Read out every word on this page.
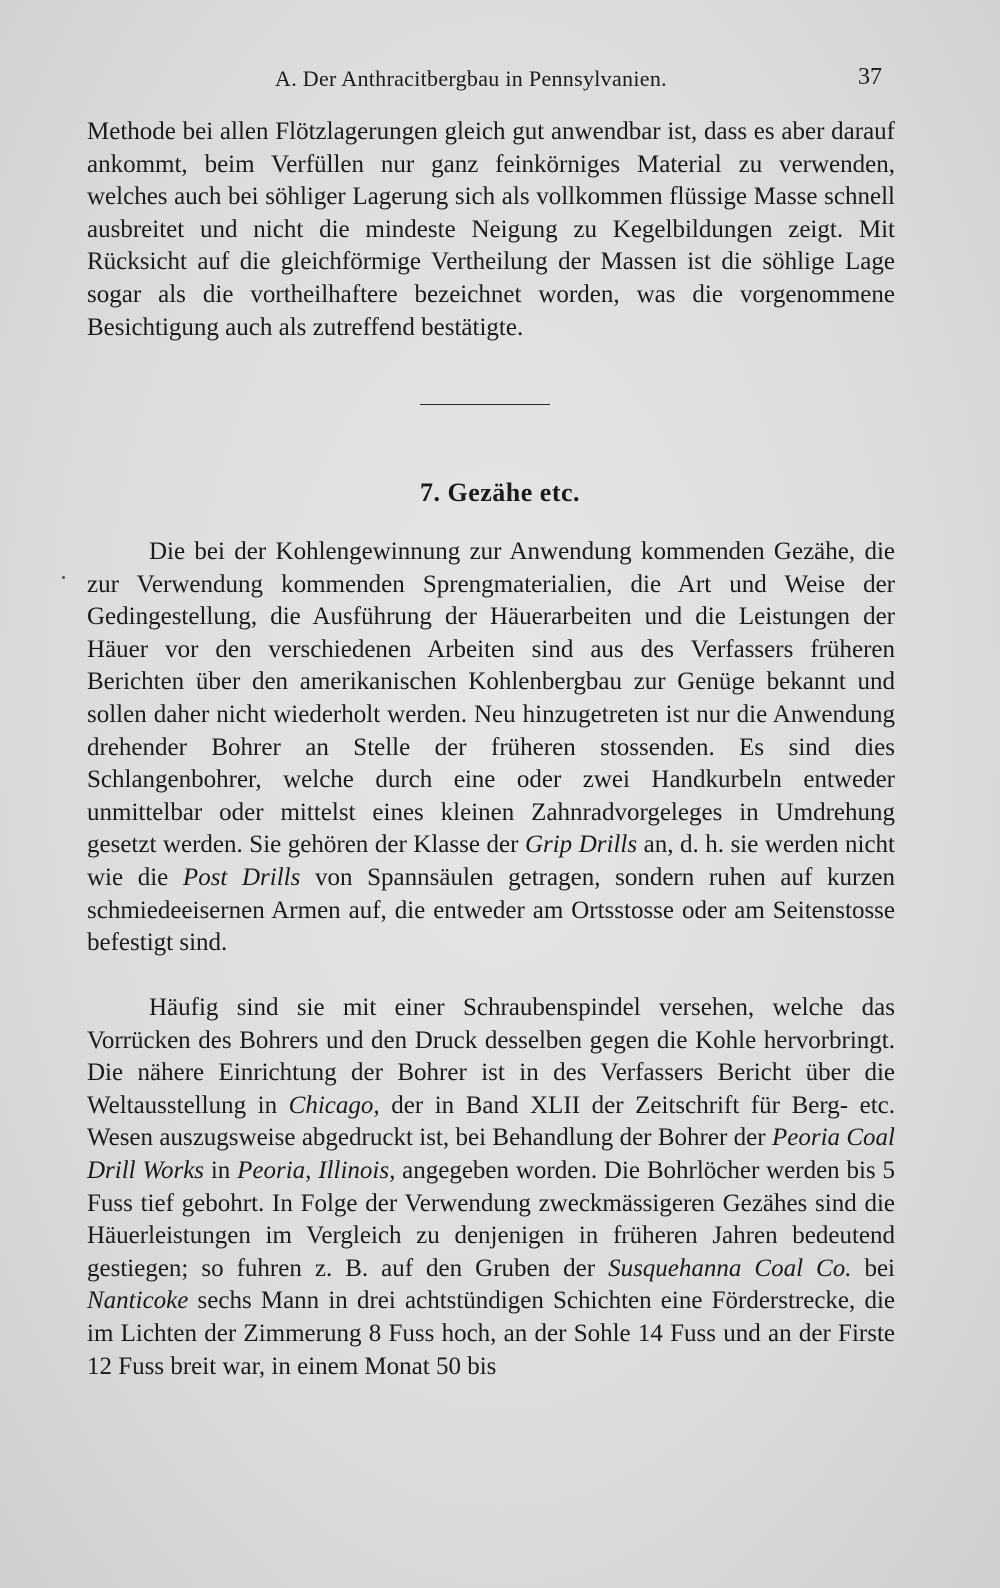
A. Der Anthracitbergbau in Pennsylvanien.	37

Methode bei allen Flötzlagerungen gleich gut anwendbar ist, dass es aber darauf ankommt, beim Verfüllen nur ganz feinkörniges Material zu verwenden, welches auch bei söhliger Lagerung sich als vollkommen flüssige Masse schnell ausbreitet und nicht die mindeste Neigung zu Kegelbildungen zeigt. Mit Rücksicht auf die gleichförmige Vertheilung der Massen ist die söhlige Lage sogar als die vortheilhaftere bezeichnet worden, was die vorgenommene Besichtigung auch als zutreffend bestätigte.

7. Gezähe etc.

Die bei der Kohlengewinnung zur Anwendung kommenden Gezähe, die zur Verwendung kommenden Sprengmaterialien, die Art und Weise der Gedingestellung, die Ausführung der Häuerarbeiten und die Leistungen der Häuer vor den verschiedenen Arbeiten sind aus des Verfassers früheren Berichten über den amerikanischen Kohlenbergbau zur Genüge bekannt und sollen daher nicht wiederholt werden. Neu hinzugetreten ist nur die Anwendung drehender Bohrer an Stelle der früheren stossenden. Es sind dies Schlangenbohrer, welche durch eine oder zwei Handkurbeln entweder unmittelbar oder mittelst eines kleinen Zahnradvorgeleges in Umdrehung gesetzt werden. Sie gehören der Klasse der Grip Drills an, d. h. sie werden nicht wie die Post Drills von Spannsäulen getragen, sondern ruhen auf kurzen schmiedeeisernen Armen auf, die entweder am Ortsstosse oder am Seitenstosse befestigt sind.

Häufig sind sie mit einer Schraubenspindel versehen, welche das Vorrücken des Bohrers und den Druck desselben gegen die Kohle hervorbringt. Die nähere Einrichtung der Bohrer ist in des Verfassers Bericht über die Weltausstellung in Chicago, der in Band XLII der Zeitschrift für Berg- etc. Wesen auszugsweise abgedruckt ist, bei Behandlung der Bohrer der Peoria Coal Drill Works in Peoria, Illinois, angegeben worden. Die Bohrlöcher werden bis 5 Fuss tief gebohrt. In Folge der Verwendung zweckmässigeren Gezähes sind die Häuerleistungen im Vergleich zu denjenigen in früheren Jahren bedeutend gestiegen; so fuhren z. B. auf den Gruben der Susquehanna Coal Co. bei Nanticoke sechs Mann in drei achtstündigen Schichten eine Förderstrecke, die im Lichten der Zimmerung 8 Fuss hoch, an der Sohle 14 Fuss und an der Firste 12 Fuss breit war, in einem Monat 50 bis
